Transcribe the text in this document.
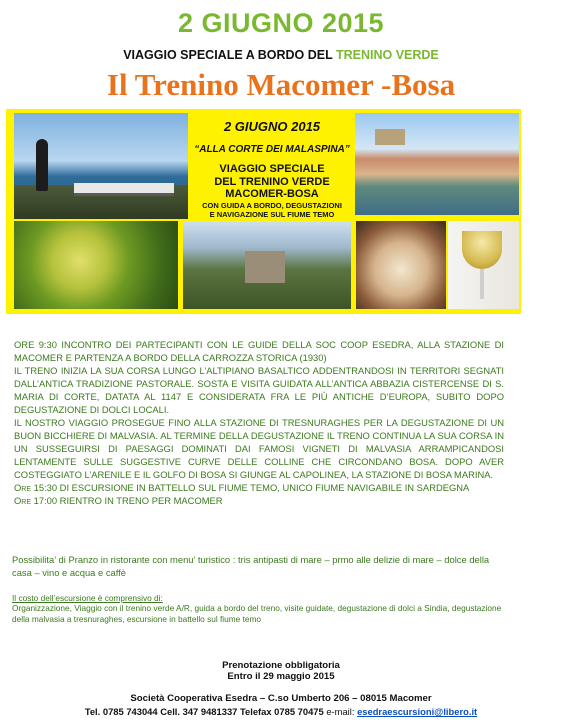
2 GIUGNO 2015
VIAGGIO SPECIALE A BORDO DEL TRENINO VERDE
Il Trenino Macomer -Bosa
2 GIUGNO 2015
“ALLA CORTE DEI MALASPINA”
VIAGGIO SPECIALE
DEL TRENINO VERDE
MACOMER-BOSA
CON GUIDA A BORDO, DEGUSTAZIONI
E NAVIGAZIONE SUL FIUME TEMO

ORE 9:30 INCONTRO DEI PARTECIPANTI CON LE GUIDE DELLA SOC COOP ESEDRA, ALLA STAZIONE DI MACOMER E PARTENZA A BORDO DELLA CARROZZA STORICA (1930)

IL TRENO INIZIA LA SUA CORSA LUNGO L’ALTIPIANO BASALTICO ADDENTRANDOSI IN TERRITORI SEGNATI DALL’ANTICA TRADIZIONE PASTORALE. SOSTA E VISITA GUIDATA ALL’ANTICA ABBAZIA CISTERCENSE DI S. MARIA DI CORTE, DATATA AL 1147 E CONSIDERATA FRA LE PIÙ ANTICHE D’EUROPA, SUBITO DOPO DEGUSTAZIONE DI DOLCI LOCALI.

IL NOSTRO VIAGGIO PROSEGUE FINO ALLA STAZIONE DI TRESNURAGHES PER LA DEGUSTAZIONE DI UN BUON BICCHIERE DI MALVASIA. AL TERMINE DELLA DEGUSTAZIONE IL TRENO CONTINUA LA SUA CORSA IN UN SUSSEGUIRSI DI PAESAGGI DOMINATI DAI FAMOSI VIGNETI DI MALVASIA ARRAMPICANDOSI LENTAMENTE SULLE SUGGESTIVE CURVE DELLE COLLINE CHE CIRCONDANO BOSA. DOPO AVER COSTEGGIATO L’ARENILE E IL GOLFO DI BOSA SI GIUNGE AL CAPOLINEA, LA STAZIONE DI BOSA MARINA.

Ore 15:30 DI ESCURSIONE IN BATTELLO SUL FIUME TEMO, UNICO FIUME NAVIGABILE IN SARDEGNA

Ore 17:00 RIENTRO IN TRENO PER MACOMER

Possibilita’ di Pranzo in ristorante con menu’ turistico : tris antipasti di mare – prmo alle delizie di mare – dolce della casa – vino e acqua e caffè
Il costo dell’escursione è comprensivo di:
Organizzazione, Viaggio con il trenino verde A/R, guida a bordo del treno, visite guidate, degustazione di dolci a Sindia, degustazione della malvasia a tresnuraghes, escursione in battello sul fiume temo
Prenotazione obbligatoria
Entro il 29 maggio 2015
Società Cooperativa Esedra – C.so Umberto 206 – 08015 Macomer
Tel. 0785 743044 Cell. 347 9481337 Telefax 0785 70475 e-mail: esedraescursioni@libero.it
